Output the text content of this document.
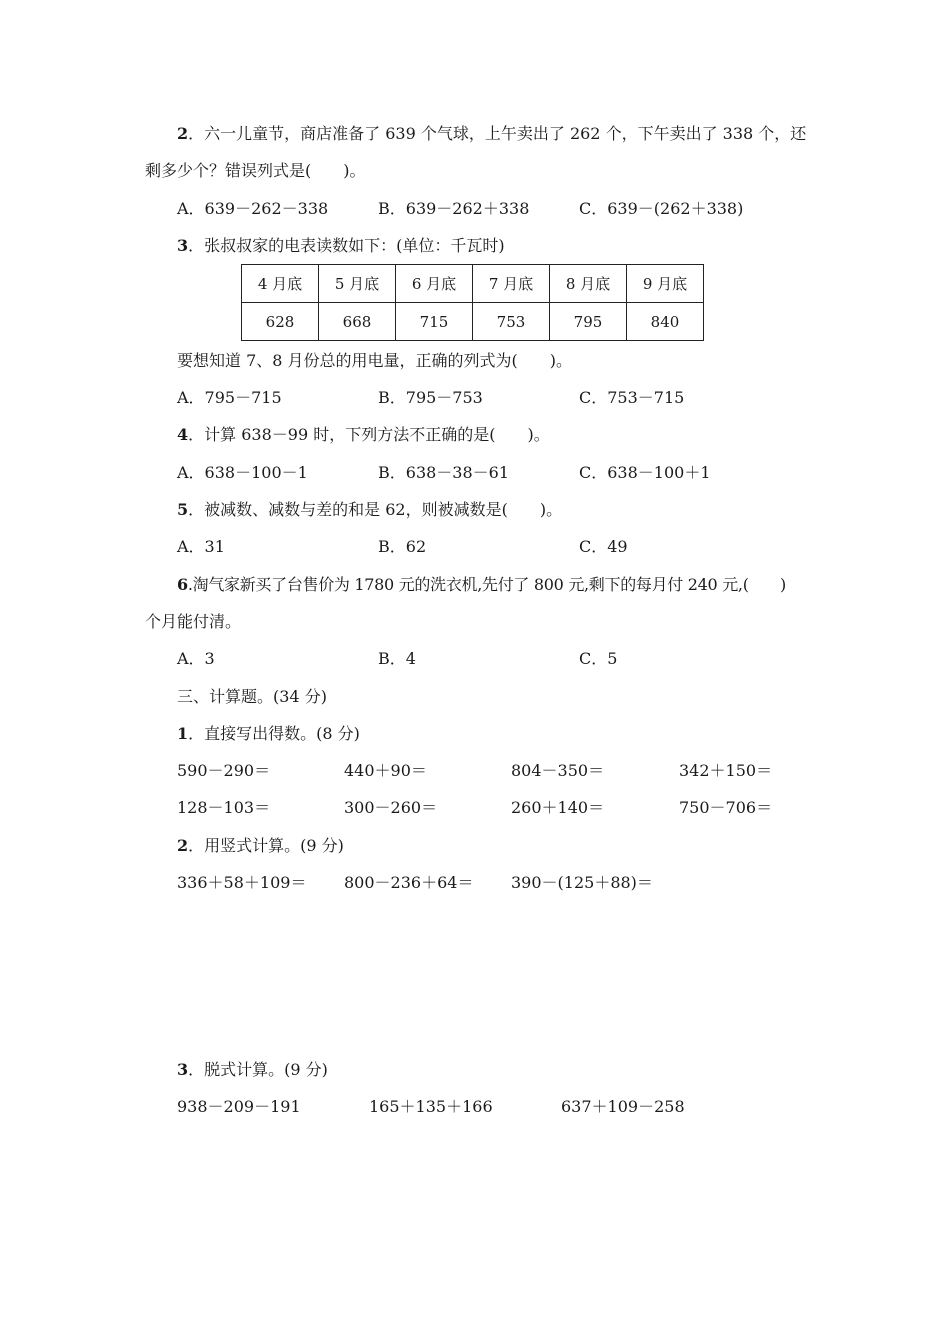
2．六一儿童节，商店准备了 639 个气球，上午卖出了 262 个，下午卖出了 338 个，还
剩多少个？错误列式是(　　)。
A．639－262－338	B．639－262＋338	C．639－(262＋338)
3．张叔叔家的电表读数如下：(单位：千瓦时)
4 月底	5 月底	6 月底	7 月底	8 月底	9 月底
628	668	715	753	795	840
要想知道 7、8 月份总的用电量，正确的列式为(　　)。
A．795－715	B．795－753	C．753－715
4．计算 638－99 时，下列方法不正确的是(　　)。
A．638－100－1	B．638－38－61	C．638－100＋1
5．被减数、减数与差的和是 62，则被减数是(　　)。
A．31	B．62	C．49
6.淘气家新买了台售价为 1780 元的洗衣机,先付了 800 元,剩下的每月付 240 元,(　　)
个月能付清。
A．3	B．4	C．5
三、计算题。(34 分)
1．直接写出得数。(8 分)
590－290＝	440＋90＝	804－350＝	342＋150＝
128－103＝	300－260＝	260＋140＝	750－706＝
2．用竖式计算。(9 分)
336＋58＋109＝ 800－236＋64＝ 390－(125＋88)＝
3．脱式计算。(9 分)
938－209－191	165＋135＋166	637＋109－258
